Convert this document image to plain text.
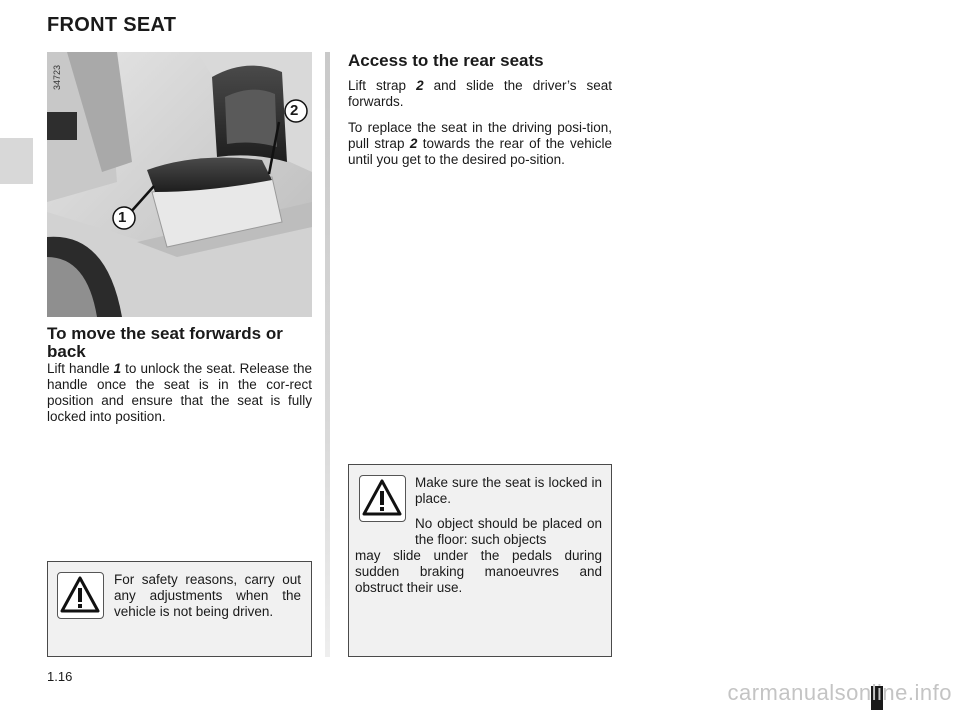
FRONT SEAT
1
2
34723
To move the seat forwards or back

Lift handle 1 to unlock the seat. Release the handle once the seat is in the cor-rect position and ensure that the seat is fully locked into position.

Access to the rear seats

Lift strap 2 and slide the driver’s seat forwards.

To replace the seat in the driving posi-tion, pull strap 2 towards the rear of the vehicle until you get to the desired po-sition.

For safety reasons, carry out any adjustments when the vehicle is not being driven.

Make sure the seat is locked in place.

No object should be placed on the floor: such objects

may slide under the pedals during sudden braking manoeuvres and obstruct their use.

1.16
carmanualsonline.info
